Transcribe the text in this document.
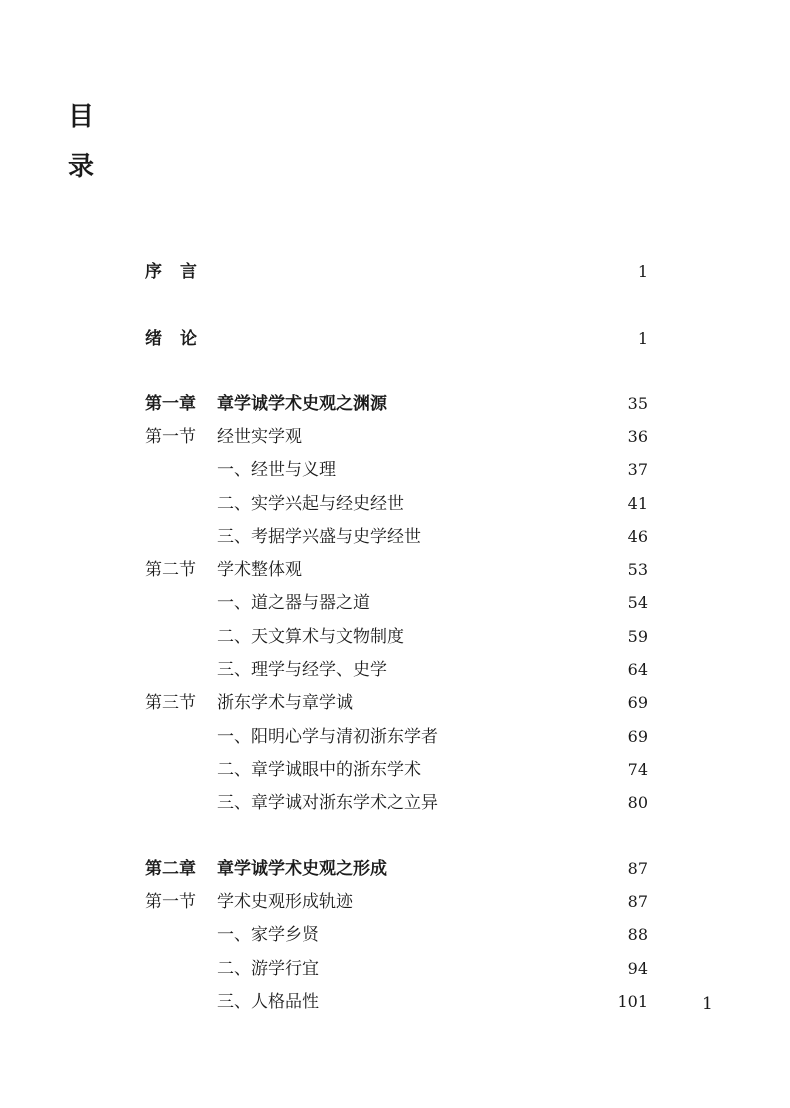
目
录
序言	1
绪论	1
第一章 章学诚学术史观之渊源	35
第一节 经世实学观	36
一、经世与义理	37
二、实学兴起与经史经世	41
三、考据学兴盛与史学经世	46
第二节 学术整体观	53
一、道之器与器之道	54
二、天文算术与文物制度	59
三、理学与经学、史学	64
第三节 浙东学术与章学诚	69
一、阳明心学与清初浙东学者	69
二、章学诚眼中的浙东学术	74
三、章学诚对浙东学术之立异	80
第二章 章学诚学术史观之形成	87
第一节 学术史观形成轨迹	87
一、家学乡贤	88
二、游学行宜	94
三、人格品性	101	1
